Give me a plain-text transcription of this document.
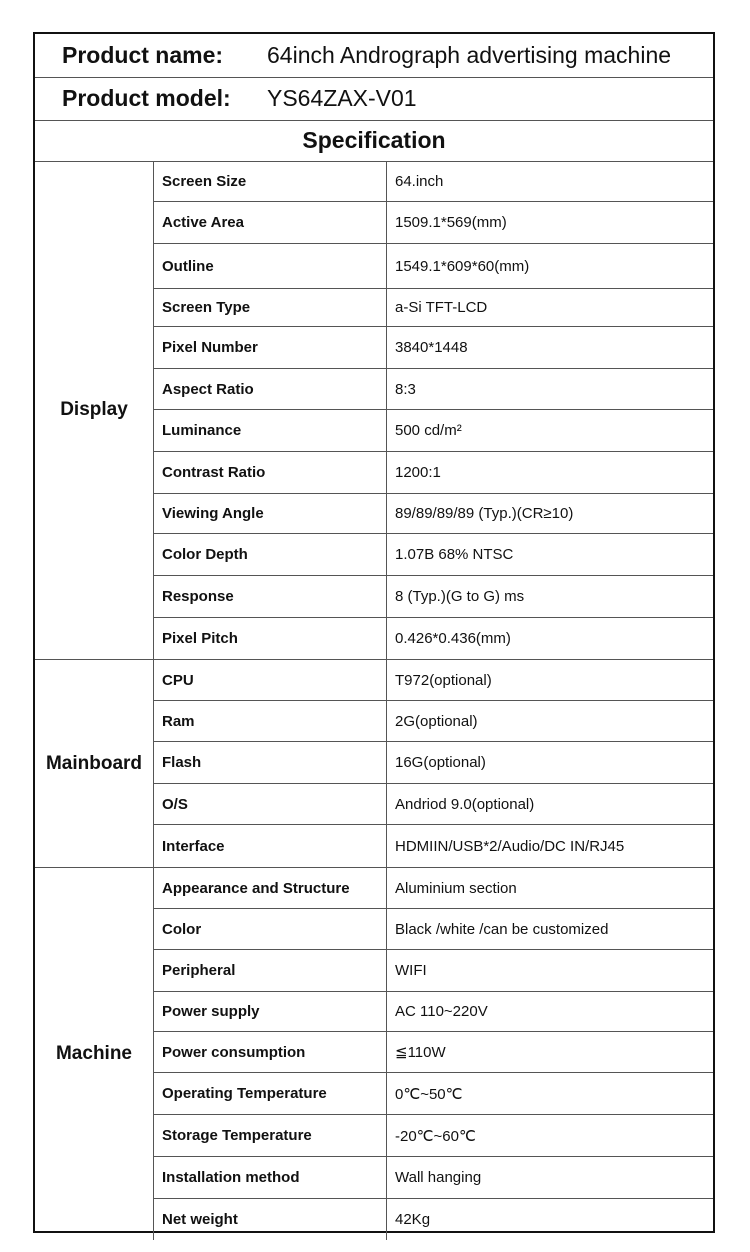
Product name:	64inch Andrograph advertising machine
Product model:	YS64ZAX-V01
Specification
Display
Screen Size	64.inch
Active Area	1509.1*569(mm)
Outline	1549.1*609*60(mm)
Screen Type	a-Si TFT-LCD
Pixel Number	3840*1448
Aspect Ratio	8:3
Luminance	500 cd/m²
Contrast Ratio	1200:1
Viewing Angle	89/89/89/89 (Typ.)(CR≥10)
Color Depth	1.07B 68% NTSC
Response	8 (Typ.)(G to G) ms
Pixel Pitch	0.426*0.436(mm)
Mainboard
CPU	T972(optional)
Ram	2G(optional)
Flash	16G(optional)
O/S	Andriod 9.0(optional)
Interface	HDMIIN/USB*2/Audio/DC IN/RJ45
Machine
Appearance and Structure	Aluminium section
Color	Black /white /can be customized
Peripheral	WIFI
Power supply	AC 110~220V
Power consumption	≦110W
Operating Temperature	0℃~50℃
Storage Temperature	-20℃~60℃
Installation method	Wall hanging
Net weight	42Kg
